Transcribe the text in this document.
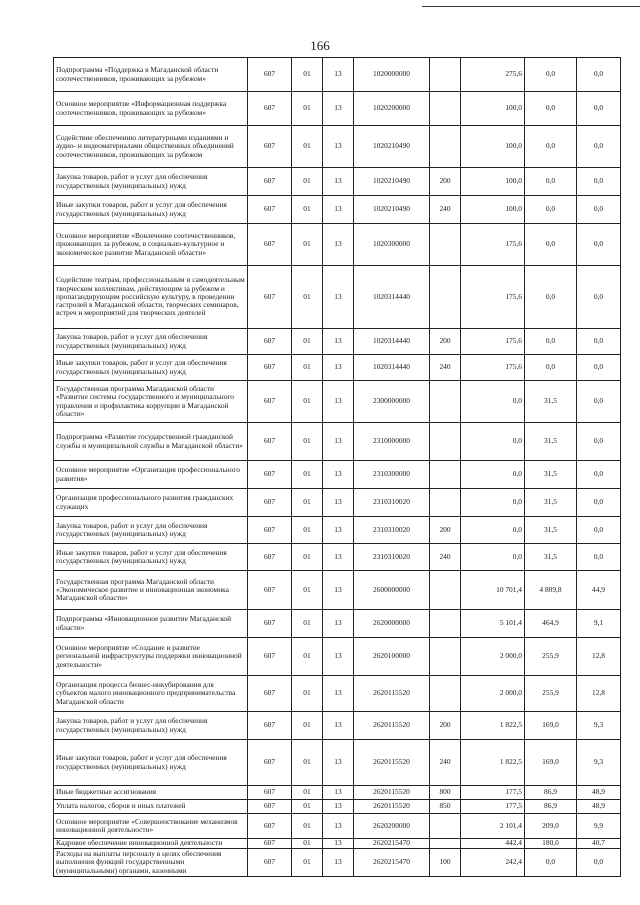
166
Подпрограмма «Поддержка в Магаданской области соотечественников, проживающих за рубежом»	607	01	13	1020000000		275,6	0,0	0,0
Основное мероприятие «Информационная поддержка соотечественников, проживающих за рубежом»	607	01	13	1020200000		100,0	0,0	0,0
Содействие обеспечению литературными изданиями и аудио- и видеоматериалами общественных объединений соотечественников, проживающих за рубежом	607	01	13	1020210490		100,0	0,0	0,0
Закупка товаров, работ и услуг для обеспечения государственных (муниципальных) нужд	607	01	13	1020210490	200	100,0	0,0	0,0
Иные закупки товаров, работ и услуг для обеспечения государственных (муниципальных) нужд	607	01	13	1020210490	240	100,0	0,0	0,0
Основное мероприятие «Вовлечение соотечественников, проживающих за рубежом, в социально-культурное и экономическое развитие Магаданской области»	607	01	13	1020300000		175,6	0,0	0,0
Содействие театрам, профессиональным и самодеятельным творческим коллективам, действующим за рубежом и пропагандирующим российскую культуру, в проведении гастролей в Магаданской области, творческих семинаров, встреч и мероприятий для творческих деятелей	607	01	13	1020314440		175,6	0,0	0,0
Закупка товаров, работ и услуг для обеспечения государственных (муниципальных) нужд	607	01	13	1020314440	200	175,6	0,0	0,0
Иные закупки товаров, работ и услуг для обеспечения государственных (муниципальных) нужд	607	01	13	1020314440	240	175,6	0,0	0,0
Государственная программа Магаданской области «Развитие системы государственного и муниципального управления и профилактика коррупции в Магаданской области»	607	01	13	2300000000		0,0	31,5	0,0
Подпрограмма «Развитие государственной гражданской службы и муниципальной службы в Магаданской области»	607	01	13	2310000000		0,0	31,5	0,0
Основное мероприятие «Организация профессионального развития»	607	01	13	2310300000		0,0	31,5	0,0
Организация профессионального развития гражданских служащих	607	01	13	2310310020		0,0	31,5	0,0
Закупка товаров, работ и услуг для обеспечения государственных (муниципальных) нужд	607	01	13	2310310020	200	0,0	31,5	0,0
Иные закупки товаров, работ и услуг для обеспечения государственных (муниципальных) нужд	607	01	13	2310310020	240	0,0	31,5	0,0
Государственная программа Магаданской области «Экономическое развитие и инновационная экономика Магаданской области»	607	01	13	2600000000		10 701,4	4 809,8	44,9
Подпрограмма «Инновационное развитие Магаданской области»	607	01	13	2620000000		5 101,4	464,9	9,1
Основное мероприятие «Создание и развитие региональной инфраструктуры поддержки инновационной деятельности»	607	01	13	2620100000		2 000,0	255,9	12,8
Организация процесса бизнес-инкубирования для субъектов малого инновационного предпринимательства Магаданской области	607	01	13	2620115520		2 000,0	255,9	12,8
Закупка товаров, работ и услуг для обеспечения государственных (муниципальных) нужд	607	01	13	2620115520	200	1 822,5	169,0	9,3
Иные закупки товаров, работ и услуг для обеспечения государственных (муниципальных) нужд	607	01	13	2620115520	240	1 822,5	169,0	9,3
Иные бюджетные ассигнования	607	01	13	2620115520	800	177,5	86,9	48,9
Уплата налогов, сборов и иных платежей	607	01	13	2620115520	850	177,5	86,9	48,9
Основное мероприятие «Совершенствование механизмов инновационной деятельности»	607	01	13	2620200000		2 101,4	209,0	9,9
Кадровое обеспечение инновационной деятельности	607	01	13	2620215470		442,4	180,0	40,7
Расходы на выплаты персоналу в целях обеспечения выполнения функций государственными (муниципальными) органами, казенными	607	01	13	2620215470	100	242,4	0,0	0,0
